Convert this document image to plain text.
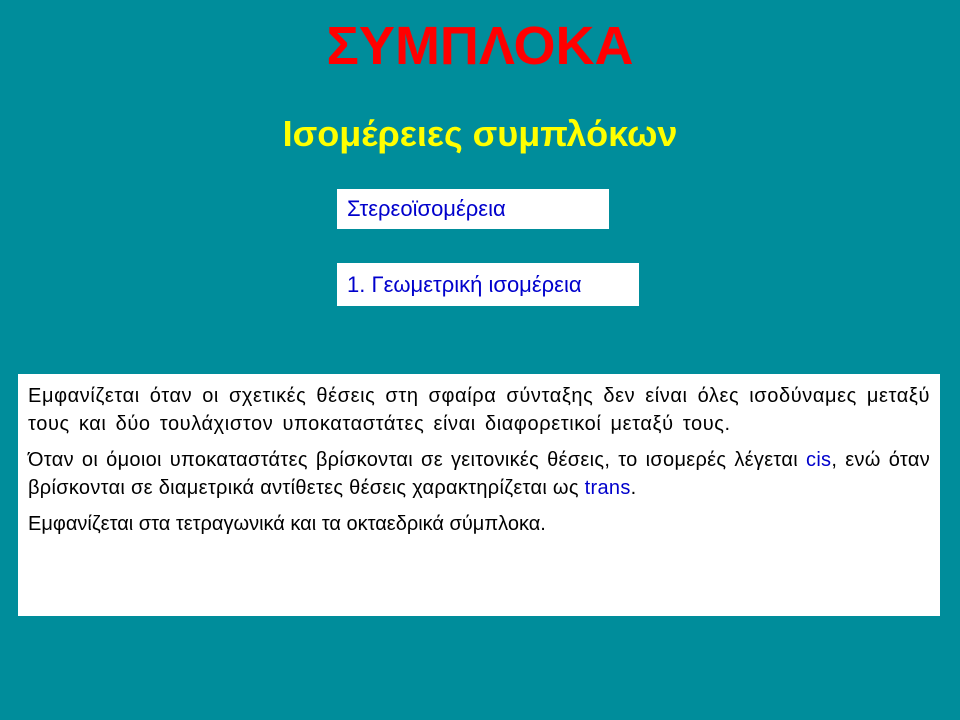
ΣΥΜΠΛΟΚΑ
Ισομέρειες συμπλόκων
Στερεοϊσομέρεια
1. Γεωμετρική ισομέρεια

Εμφανίζεται όταν οι σχετικές θέσεις στη σφαίρα σύνταξης δεν είναι όλες ισοδύναμες μεταξύ τους και δύο τουλάχιστον υποκαταστάτες είναι διαφορετικοί μεταξύ τους.

Όταν οι όμοιοι υποκαταστάτες βρίσκονται σε γειτονικές θέσεις, το ισομερές λέγεται cis, ενώ όταν βρίσκονται σε διαμετρικά αντίθετες θέσεις χαρακτηρίζεται ως trans.

Εμφανίζεται στα τετραγωνικά και τα οκταεδρικά σύμπλοκα.
